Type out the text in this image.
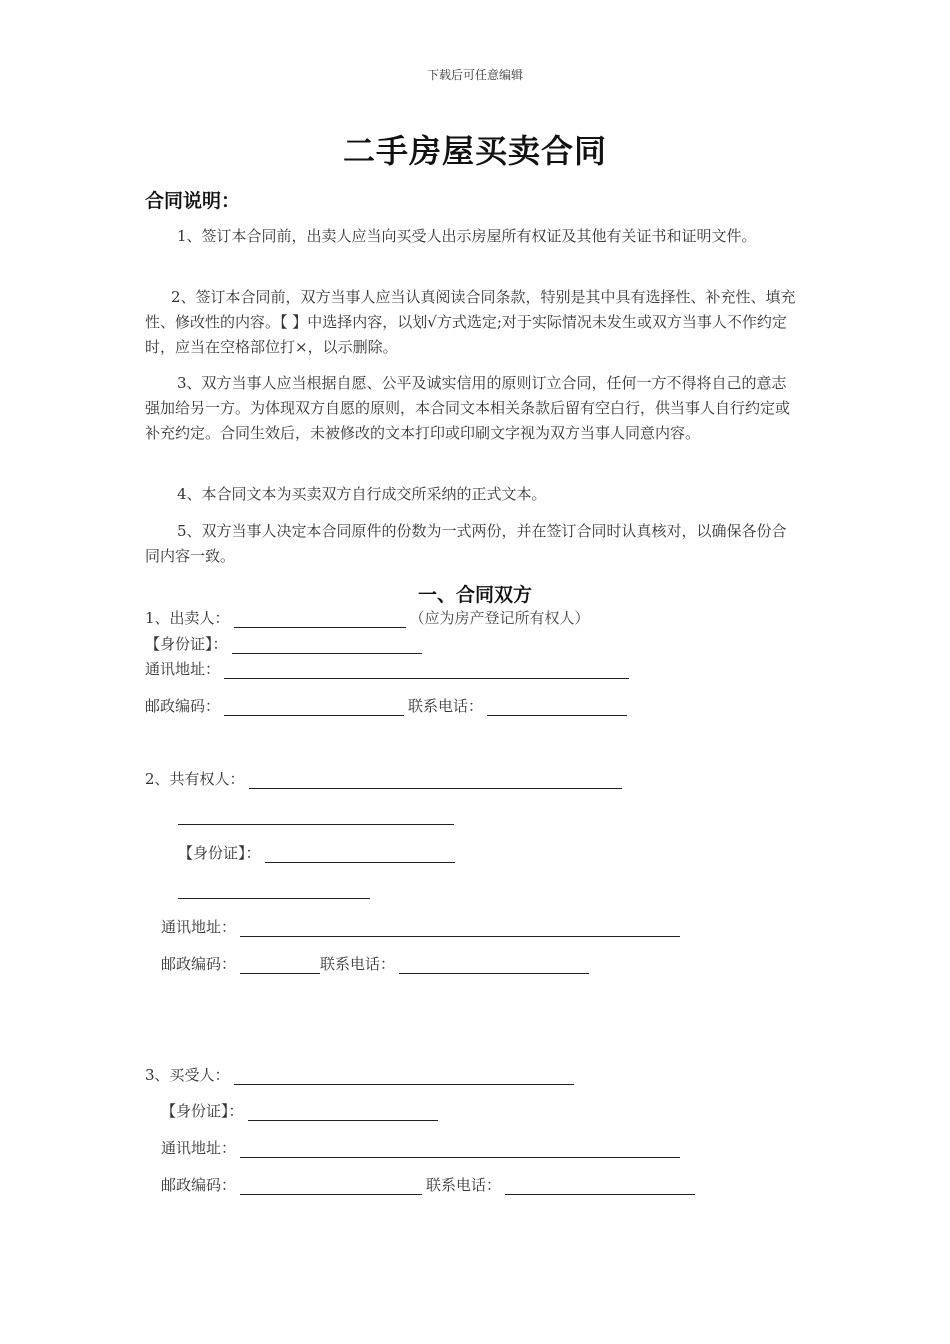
下载后可任意编辑
二手房屋买卖合同
合同说明：

1、签订本合同前，出卖人应当向买受人出示房屋所有权证及其他有关证书和证明文件。

2、签订本合同前，双方当事人应当认真阅读合同条款，特别是其中具有选择性、补充性、填充性、修改性的内容。【 】中选择内容，以划√方式选定;对于实际情况未发生或双方当事人不作约定时，应当在空格部位打×，以示删除。

3、双方当事人应当根据自愿、公平及诚实信用的原则订立合同，任何一方不得将自己的意志强加给另一方。为体现双方自愿的原则，本合同文本相关条款后留有空白行，供当事人自行约定或补充约定。合同生效后，未被修改的文本打印或印刷文字视为双方当事人同意内容。

4、本合同文本为买卖双方自行成交所采纳的正式文本。

5、双方当事人决定本合同原件的份数为一式两份，并在签订合同时认真核对，以确保各份合同内容一致。

一、合同双方
1、出卖人：	（应为房产登记所有权人）
【身份证】：
通讯地址：
邮政编码：	联系电话：
2、共有权人：
【身份证】：
通讯地址：
邮政编码：	联系电话：
3、买受人：
【身份证】：
通讯地址：
邮政编码：	联系电话：
